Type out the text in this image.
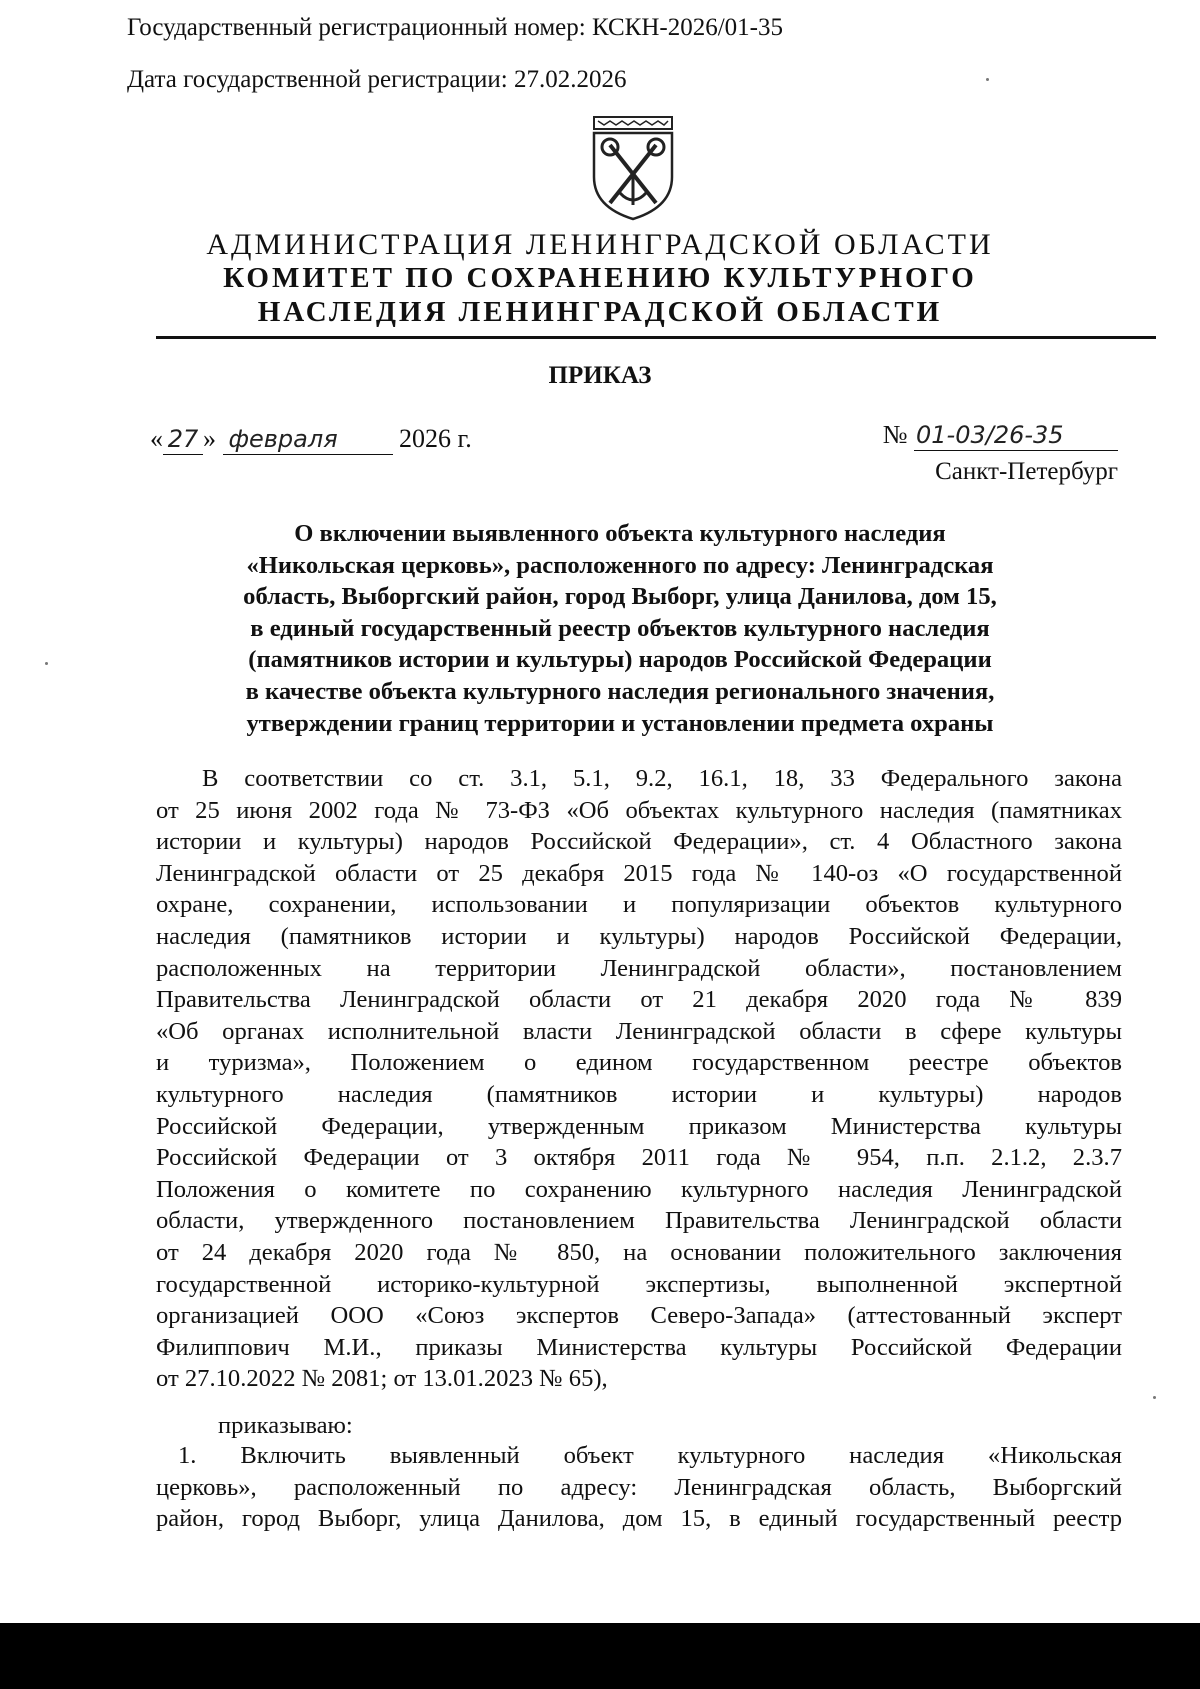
Государственный регистрационный номер: КСКН-2026/01-35
Дата государственной регистрации: 27.02.2026
АДМИНИСТРАЦИЯ ЛЕНИНГРАДСКОЙ ОБЛАСТИ
КОМИТЕТ ПО СОХРАНЕНИЮ КУЛЬТУРНОГО
НАСЛЕДИЯ ЛЕНИНГРАДСКОЙ ОБЛАСТИ
ПРИКАЗ
« 27 » февраля 2026 г.	№ 01-03/26-35
Санкт-Петербург
О включении выявленного объекта культурного наследия
«Никольская церковь», расположенного по адресу: Ленинградская
область, Выборгский район, город Выборг, улица Данилова, дом 15,
в единый государственный реестр объектов культурного наследия
(памятников истории и культуры) народов Российской Федерации
в качестве объекта культурного наследия регионального значения,
утверждении границ территории и установлении предмета охраны
В соответствии со ст. 3.1, 5.1, 9.2, 16.1, 18, 33 Федерального закона
от 25 июня 2002 года № 73-ФЗ «Об объектах культурного наследия (памятниках
истории и культуры) народов Российской Федерации», ст. 4 Областного закона
Ленинградской области от 25 декабря 2015 года № 140-оз «О государственной
охране, сохранении, использовании и популяризации объектов культурного
наследия (памятников истории и культуры) народов Российской Федерации,
расположенных на территории Ленинградской области», постановлением
Правительства Ленинградской области от 21 декабря 2020 года № 839
«Об органах исполнительной власти Ленинградской области в сфере культуры
и туризма», Положением о едином государственном реестре объектов
культурного наследия (памятников истории и культуры) народов
Российской Федерации, утвержденным приказом Министерства культуры
Российской Федерации от 3 октября 2011 года № 954, п.п. 2.1.2, 2.3.7
Положения о комитете по сохранению культурного наследия Ленинградской
области, утвержденного постановлением Правительства Ленинградской области
от 24 декабря 2020 года № 850, на основании положительного заключения
государственной историко-культурной экспертизы, выполненной экспертной
организацией ООО «Союз экспертов Северо-Запада» (аттестованный эксперт
Филиппович М.И., приказы Министерства культуры Российской Федерации
от 27.10.2022 № 2081; от 13.01.2023 № 65),
приказываю:
1. Включить выявленный объект культурного наследия «Никольская
церковь», расположенный по адресу: Ленинградская область, Выборгский
район, город Выборг, улица Данилова, дом 15, в единый государственный реестр
